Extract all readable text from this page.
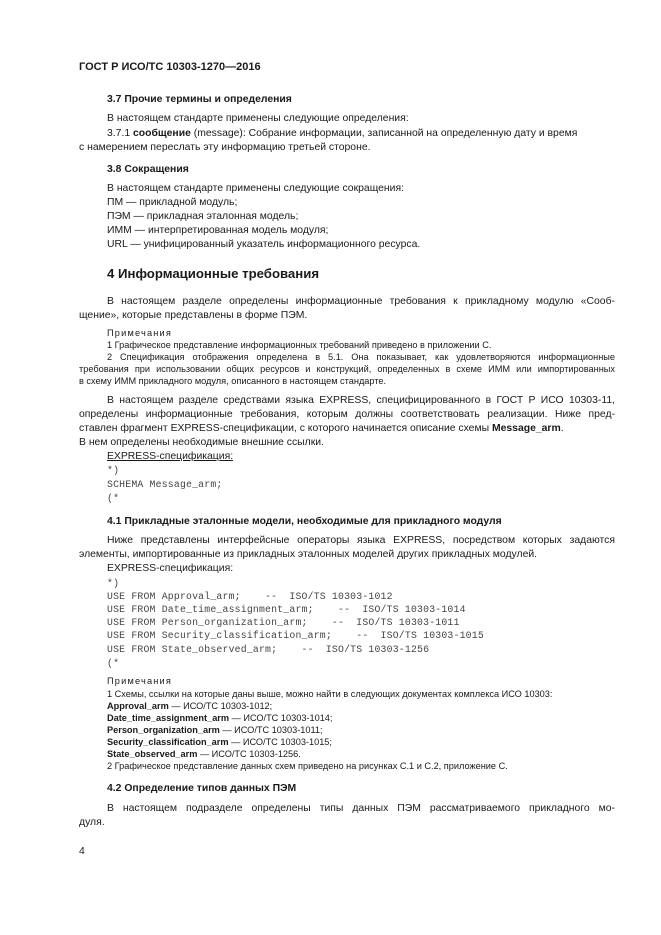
ГОСТ Р ИСО/ТС 10303-1270—2016
3.7 Прочие термины и определения
В настоящем стандарте применены следующие определения:
3.7.1 сообщение (message): Собрание информации, записанной на определенную дату и время
с намерением переслать эту информацию третьей стороне.
3.8 Сокращения
В настоящем стандарте применены следующие сокращения:
ПМ — прикладной модуль;
ПЭМ — прикладная эталонная модель;
ИММ — интерпретированная модель модуля;
URL — унифицированный указатель информационного ресурса.
4 Информационные требования
В настоящем разделе определены информационные требования к прикладному модулю «Сооб-
щение», которые представлены в форме ПЭМ.
Примечания
1 Графическое представление информационных требований приведено в приложении С.
2 Спецификация отображения определена в 5.1. Она показывает, как удовлетворяются информационные
требования при использовании общих ресурсов и конструкций, определенных в схеме ИММ или импортированных
в схему ИММ прикладного модуля, описанного в настоящем стандарте.
В настоящем разделе средствами языка EXPRESS, специфицированного в ГОСТ Р ИСО 10303-11,
определены информационные требования, которым должны соответствовать реализации. Ниже пред-
ставлен фрагмент EXPRESS-спецификации, с которого начинается описание схемы Message_arm.
В нем определены необходимые внешние ссылки.
EXPRESS-спецификация:
*)
SCHEMA Message_arm;
(*
4.1 Прикладные эталонные модели, необходимые для прикладного модуля
Ниже представлены интерфейсные операторы языка EXPRESS, посредством которых задаются
элементы, импортированные из прикладных эталонных моделей других прикладных модулей.
EXPRESS-спецификация:
*)
USE FROM Approval_arm;    --  ISO/TS 10303-1012
USE FROM Date_time_assignment_arm;    --  ISO/TS 10303-1014
USE FROM Person_organization_arm;    --  ISO/TS 10303-1011
USE FROM Security_classification_arm;    --  ISO/TS 10303-1015
USE FROM State_observed_arm;    --  ISO/TS 10303-1256
(*
Примечания
1 Схемы, ссылки на которые даны выше, можно найти в следующих документах комплекса ИСО 10303:
Approval_arm — ИСО/ТС 10303-1012;
Date_time_assignment_arm — ИСО/ТС 10303-1014;
Person_organization_arm — ИСО/ТС 10303-1011;
Security_classification_arm — ИСО/ТС 10303-1015;
State_observed_arm — ИСО/ТС 10303-1256.
2 Графическое представление данных схем приведено на рисунках С.1 и С.2, приложение С.
4.2 Определение типов данных ПЭМ
В настоящем подразделе определены типы данных ПЭМ рассматриваемого прикладного мо-
дуля.
4
